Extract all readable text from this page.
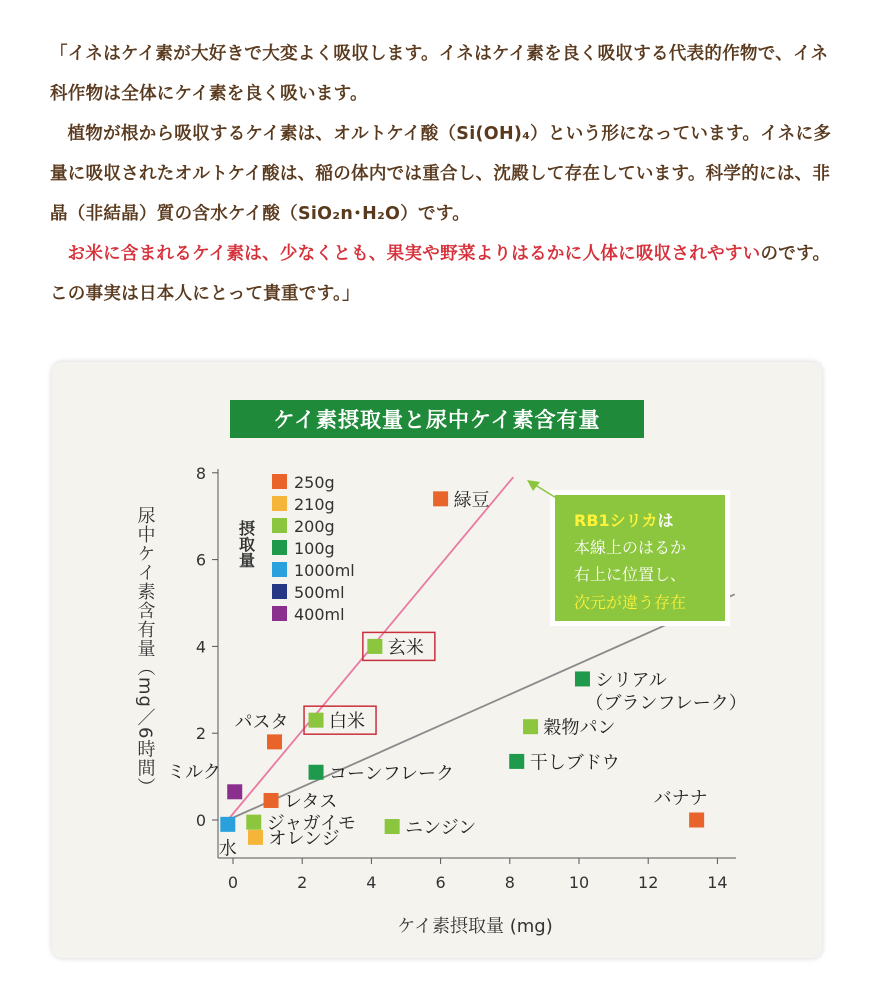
「イネはケイ素が大好きで大変よく吸収します。イネはケイ素を良く吸収する代表的作物で、イネ科作物は全体にケイ素を良く吸います。

植物が根から吸収するケイ素は、オルトケイ酸（Si(OH)₄）という形になっています。イネに多量に吸収されたオルトケイ酸は、稲の体内では重合し、沈殿して存在しています。科学的には、非晶（非結晶）質の含水ケイ酸（SiO₂n･H₂O）です。

お米に含まれるケイ素は、少なくとも、果実や野菜よりはるかに人体に吸収されやすいのです。この事実は日本人にとって貴重です。」

ケイ素摂取量と尿中ケイ素含有量
0
2
4
6
8
0	2	4	6	8	10	12	14
ケイ素摂取量 (mg)
尿中ケイ素含有量（mg／6時間）
緑豆
玄米
白米
パスタ
コーンフレーク
ミルク
レタス
水
ジャガイモ
オレンジ
ニンジン
シリアル
（ブランフレーク）
穀物パン
干しブドウ
バナナ
250g
210g
200g
100g
1000ml
500ml
400ml
摂取量	RB1シリカは
本線上のはるか
右上に位置し、
次元が違う存在
